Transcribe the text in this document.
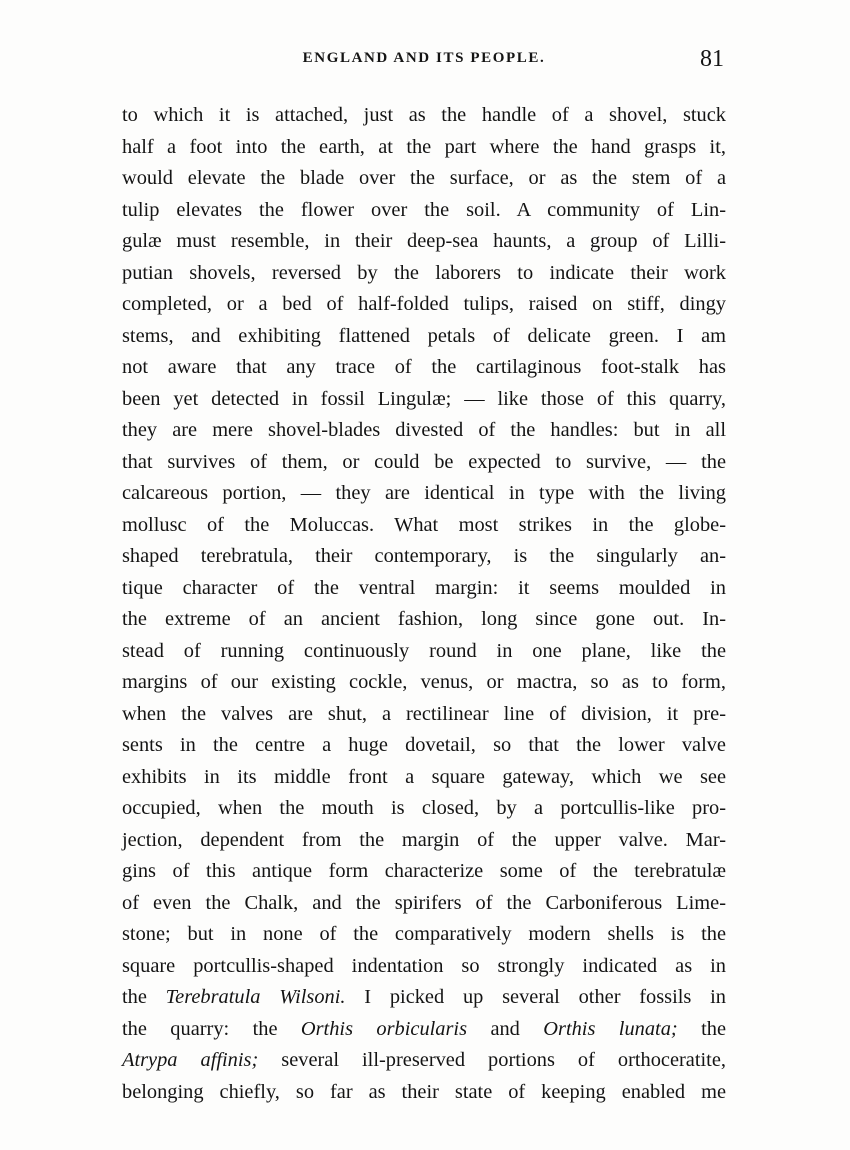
ENGLAND AND ITS PEOPLE.	81
to which it is attached, just as the handle of a shovel, stuck
half a foot into the earth, at the part where the hand grasps it,
would elevate the blade over the surface, or as the stem of a
tulip elevates the flower over the soil. A community of Lin-
gulæ must resemble, in their deep-sea haunts, a group of Lilli-
putian shovels, reversed by the laborers to indicate their work
completed, or a bed of half-folded tulips, raised on stiff, dingy
stems, and exhibiting flattened petals of delicate green. I am
not aware that any trace of the cartilaginous foot-stalk has
been yet detected in fossil Lingulæ; — like those of this quarry,
they are mere shovel-blades divested of the handles: but in all
that survives of them, or could be expected to survive, — the
calcareous portion, — they are identical in type with the living
mollusc of the Moluccas. What most strikes in the globe-
shaped terebratula, their contemporary, is the singularly an-
tique character of the ventral margin: it seems moulded in
the extreme of an ancient fashion, long since gone out. In-
stead of running continuously round in one plane, like the
margins of our existing cockle, venus, or mactra, so as to form,
when the valves are shut, a rectilinear line of division, it pre-
sents in the centre a huge dovetail, so that the lower valve
exhibits in its middle front a square gateway, which we see
occupied, when the mouth is closed, by a portcullis-like pro-
jection, dependent from the margin of the upper valve. Mar-
gins of this antique form characterize some of the terebratulæ
of even the Chalk, and the spirifers of the Carboniferous Lime-
stone; but in none of the comparatively modern shells is the
square portcullis-shaped indentation so strongly indicated as in
the Terebratula Wilsoni. I picked up several other fossils in
the quarry: the Orthis orbicularis and Orthis lunata; the
Atrypa affinis; several ill-preserved portions of orthoceratite,
belonging chiefly, so far as their state of keeping enabled me
